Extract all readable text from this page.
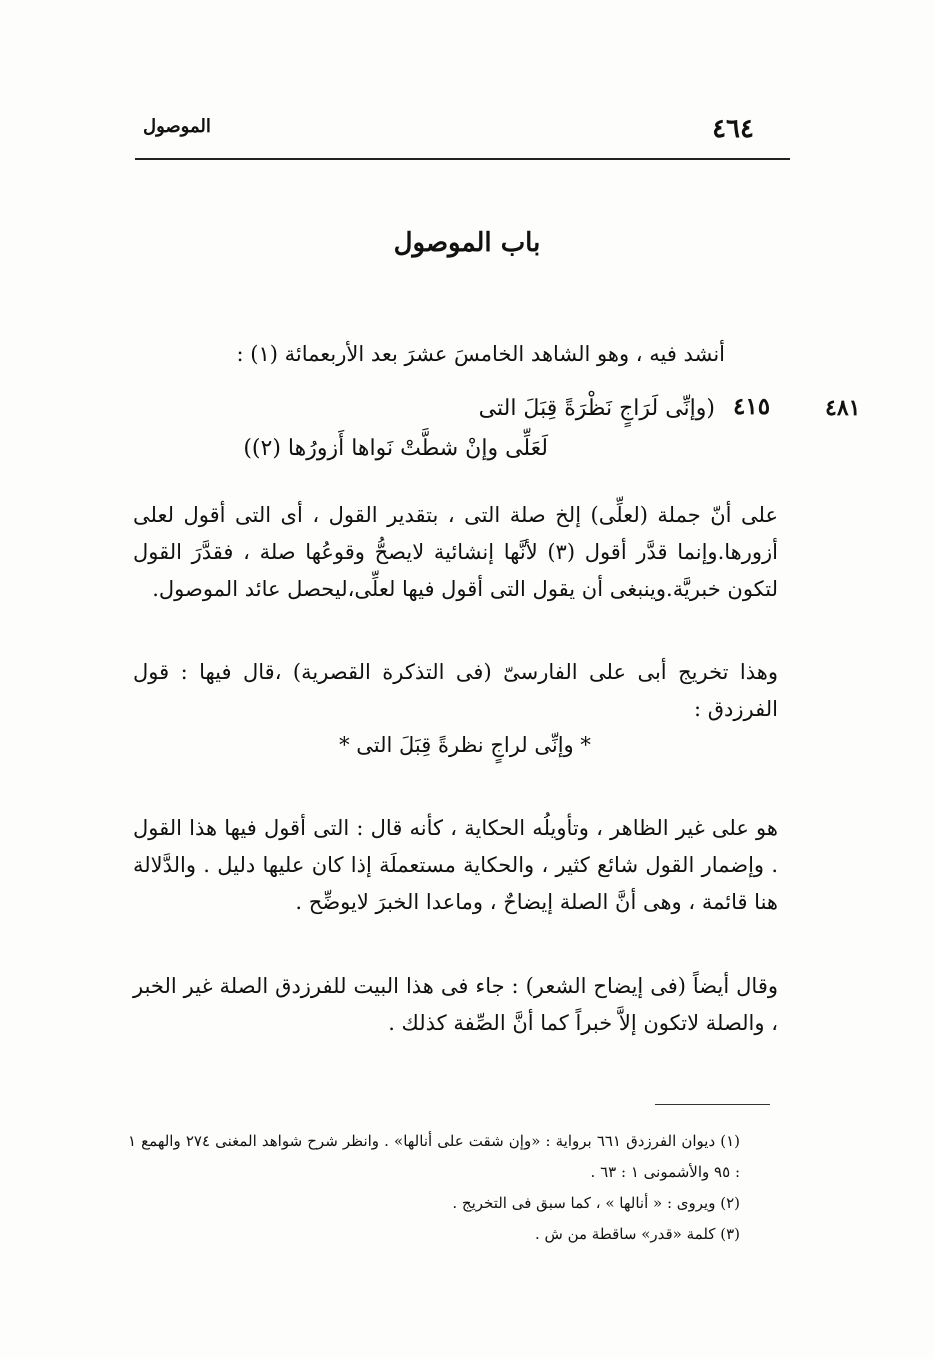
الموصول	٤٦٤
باب الموصول
أنشد فيه ، وهو الشاهد الخامسَ عشرَ بعد الأربعمائة (١) :
٤٨١
٤١٥
(وإنِّى لَرَاجٍ نَظْرَةً قِبَلَ التى
لَعَلِّى وإنْ شطَّتْ نَواها أَزورُها (٢))
على أنّ جملة (لعلِّى) إلخ صلة التى ، بتقدير القول ، أى التى أقول لعلى أزورها.وإنما قدَّر أقول (٣) لأنَّها إنشائية لايصحُّ وقوعُها صلة ، فقدَّرَ القول لتكون خبريَّة.وينبغى أن يقول التى أقول فيها لعلِّى،ليحصل عائد الموصول.
وهذا تخريج أبى على الفارسىّ (فى التذكرة القصرية) ،قال فيها : قول الفرزدق :
* وإنِّى لراجٍ نظرةً قِبَلَ التى *
هو على غير الظاهر ، وتأويلُه الحكاية ، كأنه قال : التى أقول فيها هذا القول . وإضمار القول شائع كثير ، والحكاية مستعملَة إذا كان عليها دليل . والدَّلالة هنا قائمة ، وهى أنَّ الصلة إيضاحٌ ، وماعدا الخبرَ لايوضِّح .
وقال أيضاً (فى إيضاح الشعر) : جاء فى هذا البيت للفرزدق الصلة غير الخبر ، والصلة لاتكون إلاَّ خبراً كما أنَّ الصِّفة كذلك .
(١) ديوان الفرزدق ٦٦١ برواية : «وإن شقت على أنالها» . وانظر شرح شواهد المغنى ٢٧٤ والهمع ١ : ٩٥ والأشمونى ١ : ٦٣ .
(٢) ويروى : « أنالها » ، كما سبق فى التخريج .
(٣) كلمة «قدر» ساقطة من ش .
